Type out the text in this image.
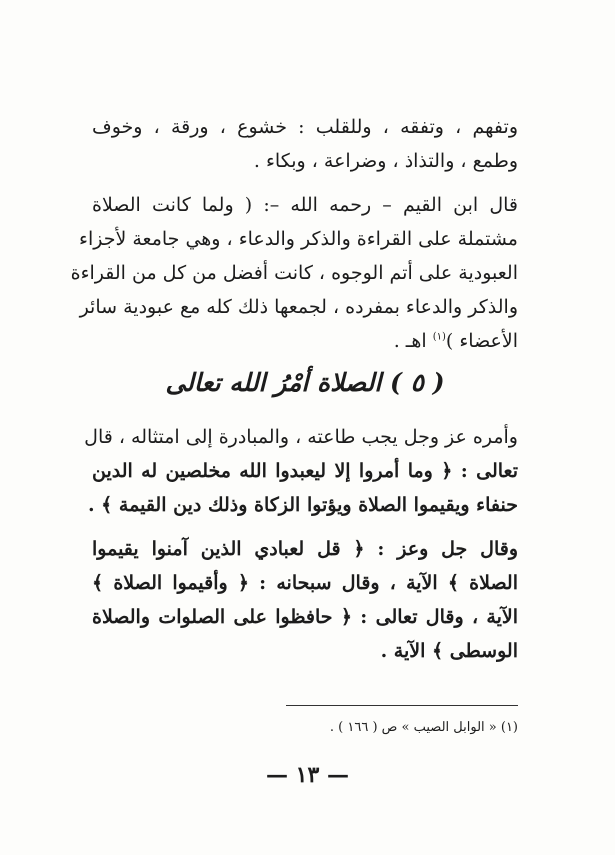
وتفهم ، وتفقه ، وللقلب : خشوع ، ورقة ، وخوف
وطمع ، والتذاذ ، وضراعة ، وبكاء .
قال ابن القيم – رحمه الله –: ( ولما كانت الصلاة
مشتملة على القراءة والذكر والدعاء ، وهي جامعة لأجزاء
العبودية على أتم الوجوه ، كانت أفضل من كل من القراءة
والذكر والدعاء بمفرده ، لجمعها ذلك كله مع عبودية سائر
الأعضاء )$^{(١)}$ اهـ .
( ٥ ) الصلاة أمْرُ الله تعالى
وأمره عز وجل يجب طاعته ، والمبادرة إلى امتثاله ، قال
تعالى : ﴿ وما أمروا إلا ليعبدوا الله مخلصين له الدين
حنفاء ويقيموا الصلاة ويؤتوا الزكاة وذلك دين القيمة ﴾ .
وقال جل وعز : ﴿ قل لعبادي الذين آمنوا يقيموا
الصلاة ﴾ الآية ، وقال سبحانه : ﴿ وأقيموا الصلاة ﴾
الآية ، وقال تعالى : ﴿ حافظوا على الصلوات والصلاة
الوسطى ﴾ الآية .
(١) « الوابل الصيب » ص ( ١٦٦ ) .
— ١٣ —
